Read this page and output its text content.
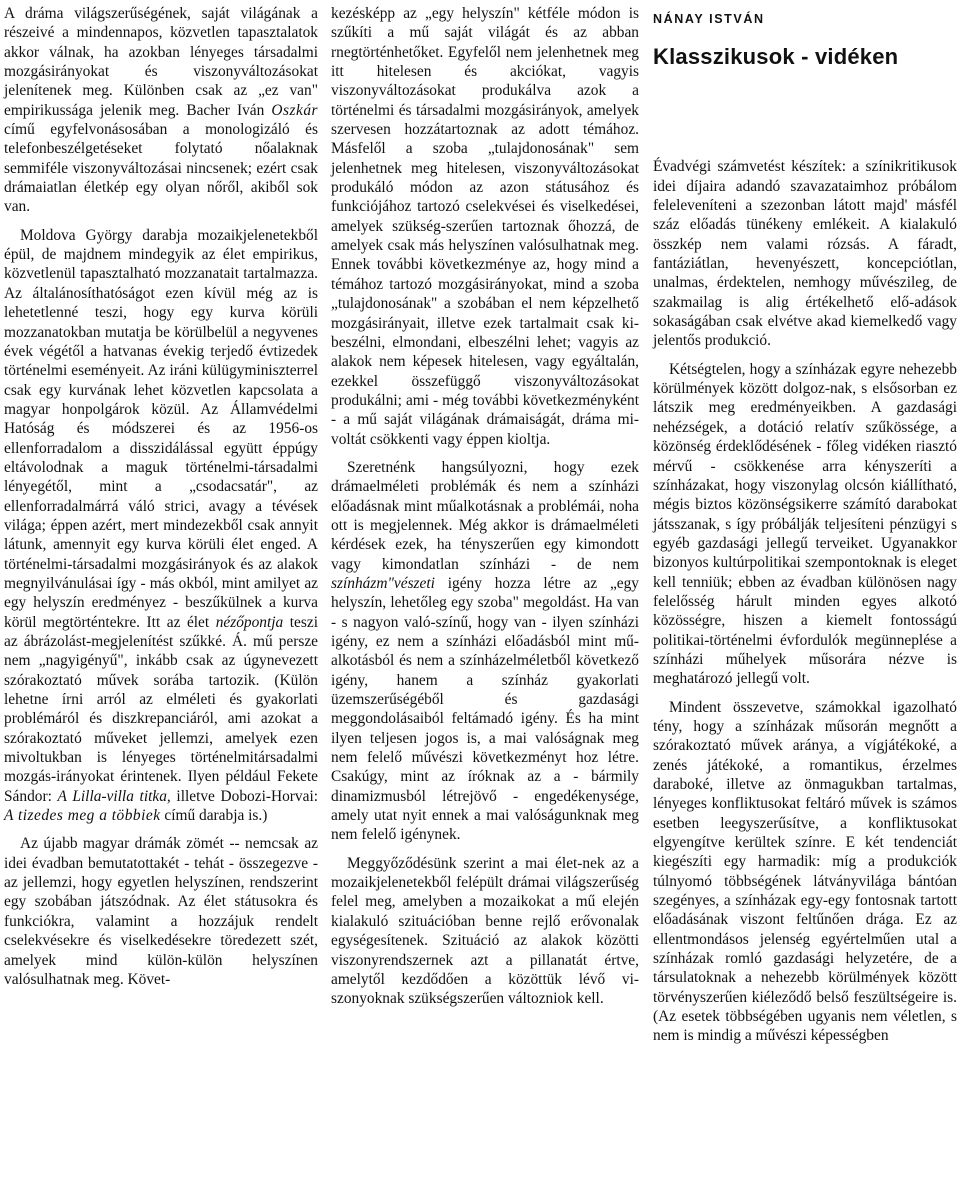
A dráma világszerűségének, saját világának a részeivé a mindennapos, közvetlen tapasztalatok akkor válnak, ha azokban lényeges társadalmi mozgásirányokat és viszonyváltozásokat jelenítenek meg. Különben csak az „ez van" empirikussága jelenik meg. Bacher Iván Oszkár című egyfelvonásosában a monologizáló és telefonbeszélgetéseket folytató nőalaknak semmiféle viszonyváltozásai nincsenek; ezért csak drámaiatlan életkép egy olyan nőről, akiből sok van.

Moldova György darabja mozaikjelenetekből épül, de majdnem mindegyik az élet empirikus, közvetlenül tapasztalható mozzanatait tartalmazza. Az általánosíthatóságot ezen kívül még az is lehetetlenné teszi, hogy egy kurva körüli mozzanatokban mutatja be körülbelül a negyvenes évek végétől a hatvanas évekig terjedő évtizedek történelmi eseményeit. Az iráni külügyminiszterrel csak egy kurvának lehet közvetlen kapcsolata a magyar honpolgárok közül. Az Államvédelmi Hatóság és módszerei és az 1956-os ellenforradalom a disszidálással együtt éppúgy eltávolodnak a maguk történelmi-társadalmi lényegétől, mint a „csodacsatár", az ellenforradalmárrá váló strici, avagy a tévések világa; éppen azért, mert mindezekből csak annyit látunk, amennyit egy kurva körüli élet enged. A történelmi-társadalmi mozgásirányok és az alakok megnyilvánulásai így - más okból, mint amilyet az egy helyszín eredményez - beszűkülnek a kurva körül megtörténtekre. Itt az élet nézőpontja teszi az ábrázolást-megjelenítést szűkké. Á. mű persze nem „nagyigényű", inkább csak az úgynevezett szórakoztató művek sorába tartozik. (Külön lehetne írni arról az elméleti és gyakorlati problémáról és diszkrepanciáról, ami azokat a szórakoztató műveket jellemzi, amelyek ezen mivoltukban is lényeges történelmitársadalmi mozgás-irányokat érintenek. Ilyen például Fekete Sándor: A Lilla-villa titka, illetve Dobozi-Horvai: A tizedes meg a többiek című darabja is.)

Az újabb magyar drámák zömét -- nemcsak az idei évadban bemutatottakét - tehát - összegezve - az jellemzi, hogy egyetlen helyszínen, rendszerint egy szobában játszódnak. Az élet státusokra és funkciókra, valamint a hozzájuk rendelt cselekvésekre és viselkedésekre töredezett szét, amelyek mind külön-külön helyszínen valósulhatnak meg. Követ-

kezésképp az „egy helyszín" kétféle módon is szűkíti a mű saját világát és az abban rnegtörténhetőket. Egyfelől nem jelenhetnek meg itt hitelesen és akciókat, vagyis viszonyváltozásokat produkálva azok a történelmi és társadalmi mozgásirányok, amelyek szervesen hozzátartoznak az adott témához. Másfelől a szoba „tulajdonosának" sem jelenhetnek meg hitelesen, viszonyváltozásokat produkáló módon az azon státusához és funkciójához tartozó cselekvései és viselkedései, amelyek szükség-szerűen tartoznak őhozzá, de amelyek csak más helyszínen valósulhatnak meg. Ennek további következménye az, hogy mind a témához tartozó mozgásirányokat, mind a szoba „tulajdonosának" a szobában el nem képzelhető mozgásirányait, illetve ezek tartalmait csak ki-beszélni, elmondani, elbeszélni lehet; vagyis az alakok nem képesek hitelesen, vagy egyáltalán, ezekkel összefüggő viszonyváltozásokat produkálni; ami - még további következményként - a mű saját világának drámaiságát, dráma mi-voltát csökkenti vagy éppen kioltja.

Szeretnénk hangsúlyozni, hogy ezek drámaelméleti problémák és nem a színházi előadásnak mint műalkotásnak a problémái, noha ott is megjelennek. Még akkor is drámaelméleti kérdések ezek, ha tényszerűen egy kimondott vagy kimondatlan színházi - de nem színházm"vészeti igény hozza létre az „egy helyszín, lehetőleg egy szoba" megoldást. Ha van - s nagyon való-színű, hogy van - ilyen színházi igény, ez nem a színházi előadásból mint mű-alkotásból és nem a színházelméletből következő igény, hanem a színház gyakorlati üzemszerűségéből és gazdasági meggondolásaiból feltámadó igény. És ha mint ilyen teljesen jogos is, a mai valóságnak meg nem felelő művészi következményt hoz létre. Csakúgy, mint az íróknak az a - bármily dinamizmusból létrejövő - engedékenysége, amely utat nyit ennek a mai valóságunknak meg nem felelő igénynek.

Meggyőződésünk szerint a mai élet-nek az a mozaikjelenetekből felépült drámai világszerűség felel meg, amelyben a mozaikokat a mű elején kialakuló szituációban benne rejlő erővonalak egységesítenek. Szituáció az alakok közötti viszonyrendszernek azt a pillanatát értve, amelytől kezdődően a közöttük lévő viszonyoknak szükségszerűen változniok kell.

NÁNAY ISTVÁN
Klasszikusok - vidéken

Évadvégi számvetést készítek: a színikritikusok idei díjaira adandó szavazataimhoz próbálom feleleveníteni a szezonban látott majd' másfél száz előadás tünékeny emlékeit. A kialakuló összkép nem valami rózsás. A fáradt, fantáziátlan, hevenyészett, koncepciótlan, unalmas, érdektelen, nemhogy művészileg, de szakmailag is alig értékelhető elő-adások sokaságában csak elvétve akad kiemelkedő vagy jelentős produkció.

Kétségtelen, hogy a színházak egyre nehezebb körülmények között dolgoz-nak, s elsősorban ez látszik meg eredményeikben. A gazdasági nehézségek, a dotáció relatív szűkössége, a közönség érdeklődésének - főleg vidéken riasztó mérvű - csökkenése arra kényszeríti a színházakat, hogy viszonylag olcsón kiállítható, mégis biztos közönségsikerre számító darabokat játsszanak, s így próbálják teljesíteni pénzügyi s egyéb gazdasági jellegű terveiket. Ugyanakkor bizonyos kultúrpolitikai szempontoknak is eleget kell tenniük; ebben az évadban különösen nagy felelősség hárult minden egyes alkotó közösségre, hiszen a kiemelt fontosságú politikai-történelmi évfordulók megünneplése a színházi műhelyek műsorára nézve is meghatározó jellegű volt.

Mindent összevetve, számokkal igazolható tény, hogy a színházak műsorán megnőtt a szórakoztató művek aránya, a vígjátékoké, a zenés játékoké, a romantikus, érzelmes daraboké, illetve az önmagukban tartalmas, lényeges konfliktusokat feltáró művek is számos esetben leegyszerűsítve, a konfliktusokat elgyengítve kerültek színre. E két tendenciát kiegészíti egy harmadik: míg a produkciók túlnyomó többségének látványvilága bántóan szegényes, a színházak egy-egy fontosnak tartott előadásának viszont feltűnően drága. Ez az ellentmondásos jelenség egyértelműen utal a színházak romló gazdasági helyzetére, de a társulatoknak a nehezebb körülmények között törvényszerűen kiéleződő belső feszültségeire is. (Az esetek többségében ugyanis nem véletlen, s nem is mindig a művészi képességben
